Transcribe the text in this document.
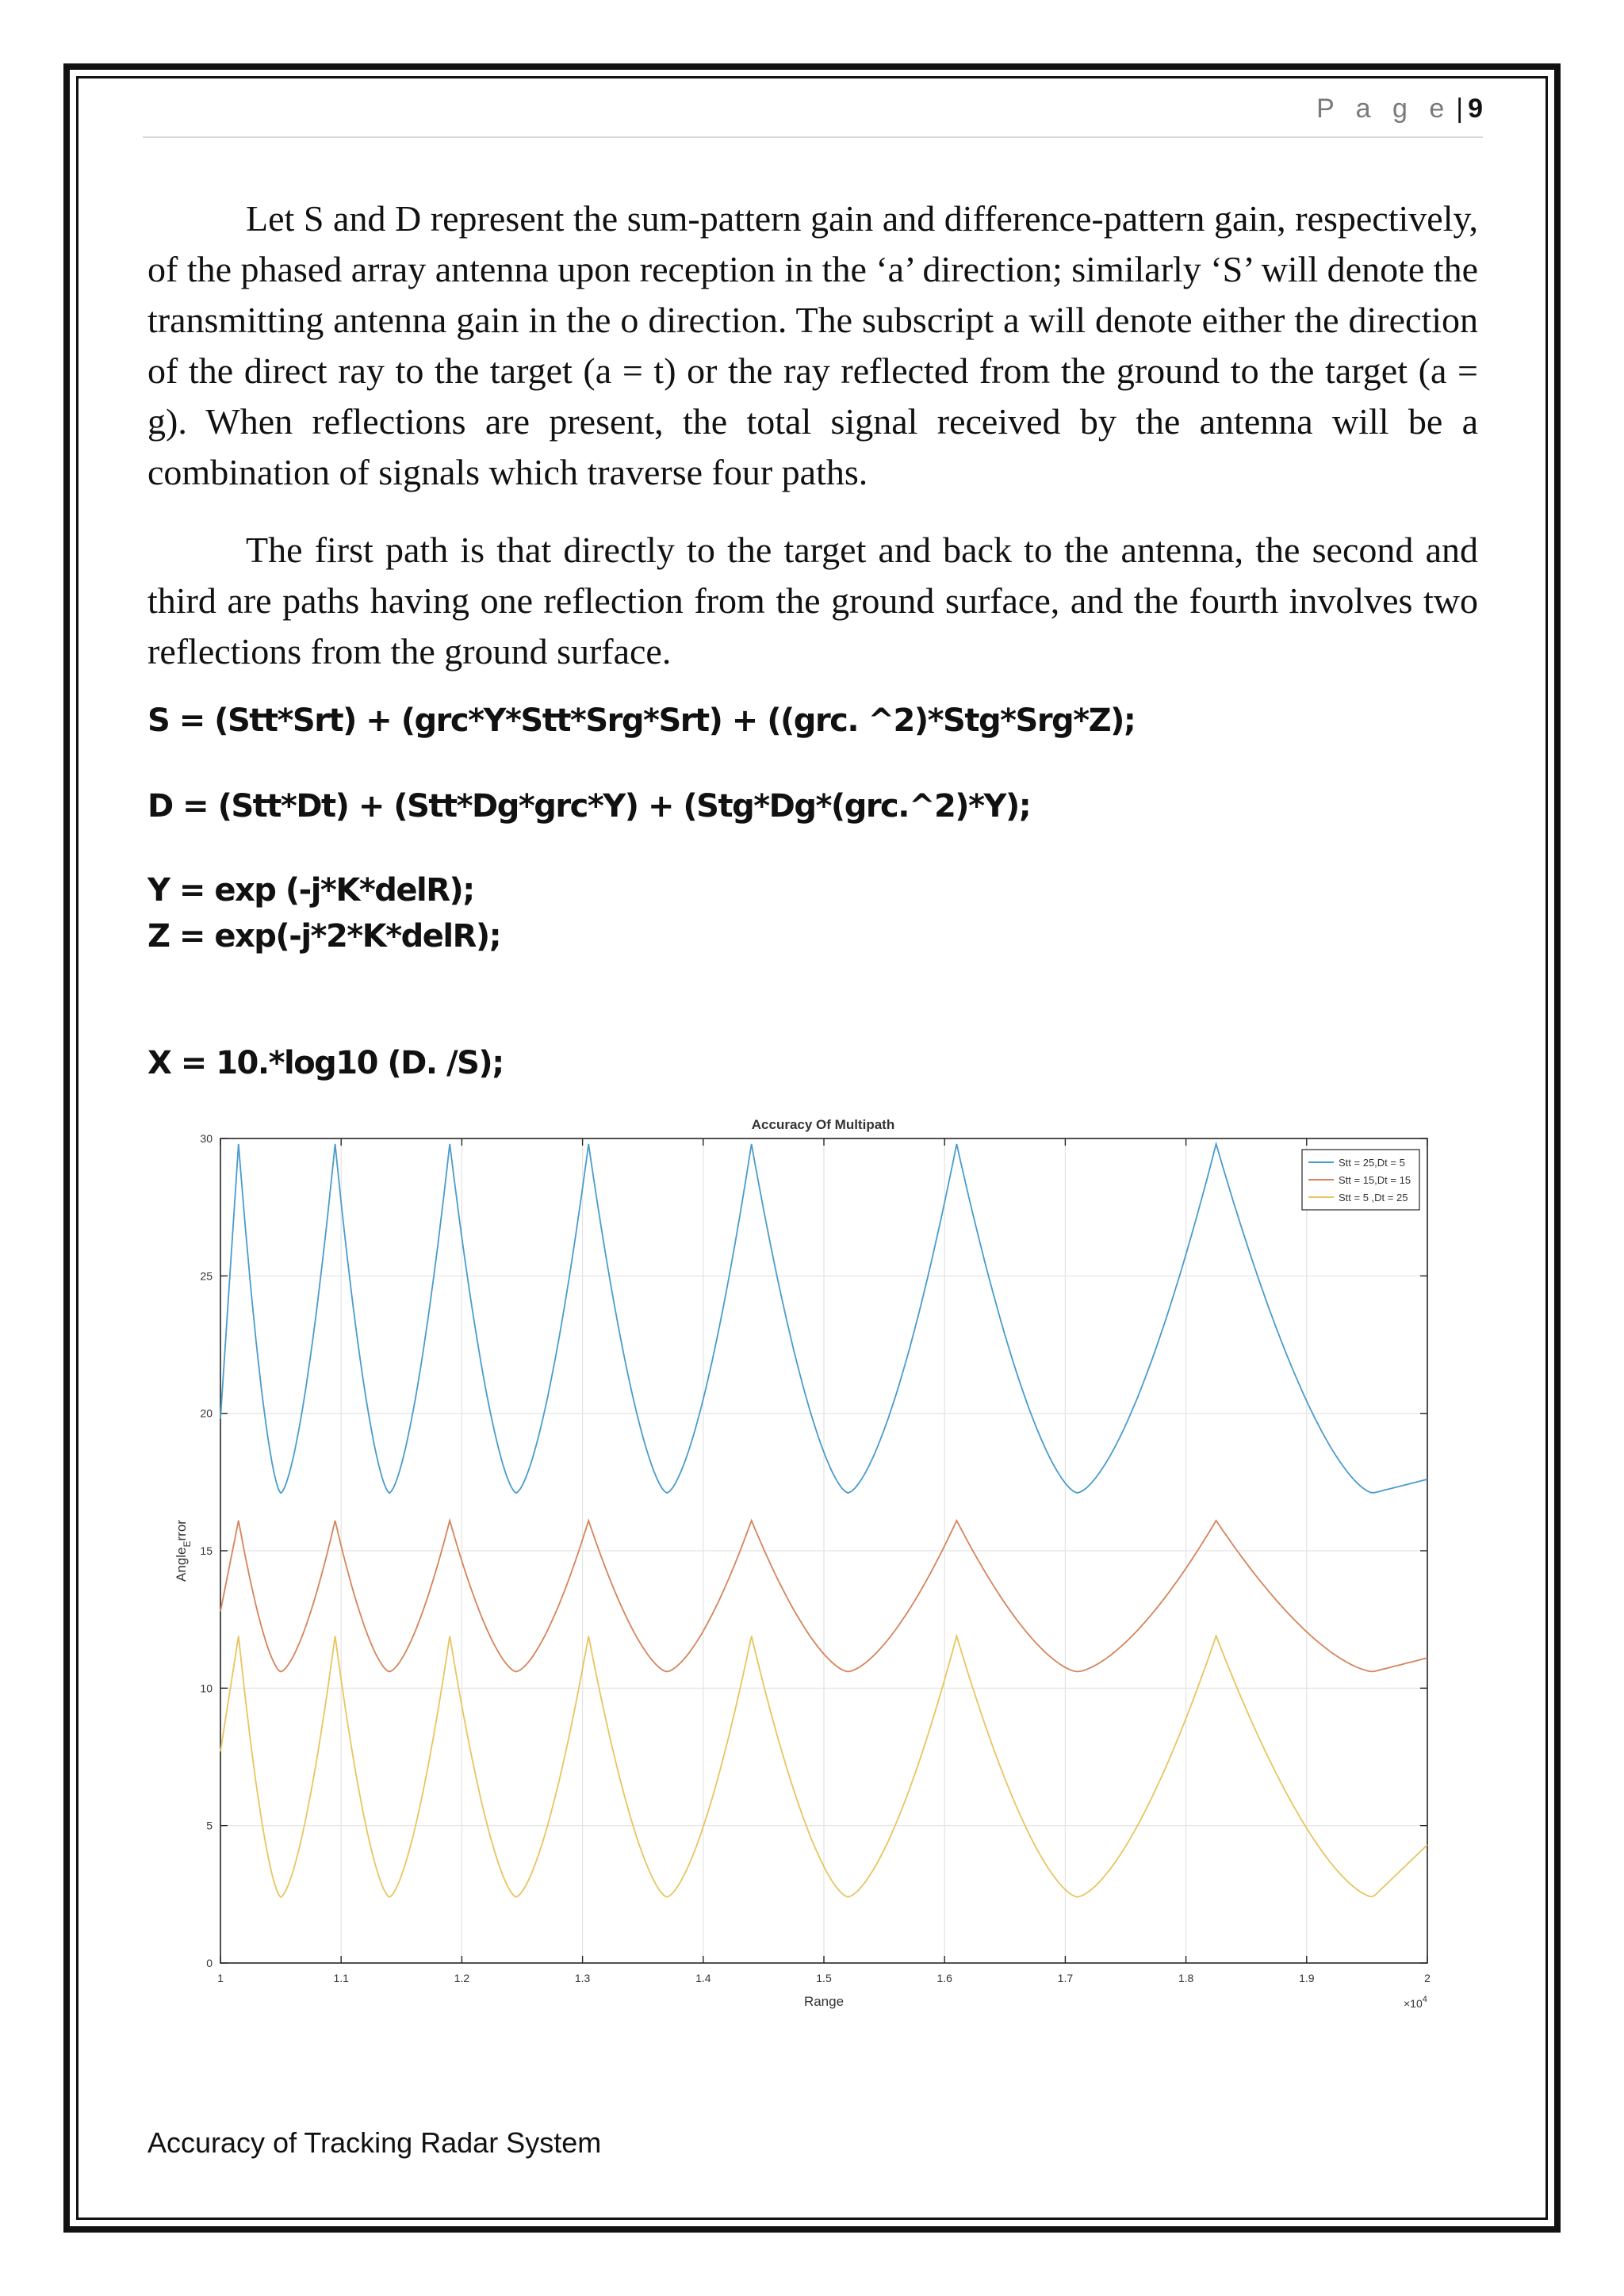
P a g e | 9

Let S and D represent the sum-pattern gain and difference-pattern gain, respectively, of the phased array antenna upon reception in the ‘a’ direction; similarly ‘S’ will denote the transmitting antenna gain in the o direction. The subscript a will denote either the direction of the direct ray to the target (a = t) or the ray reflected from the ground to the target (a = g). When reflections are present, the total signal received by the antenna will be a combination of signals which traverse four paths.

The first path is that directly to the target and back to the antenna, the second and third are paths having one reflection from the ground surface, and the fourth involves two reflections from the ground surface.

S = (Stt*Srt) + (grc*Y*Stt*Srg*Srt) + ((grc. ^2)*Stg*Srg*Z);

D = (Stt*Dt) + (Stt*Dg*grc*Y) + (Stg*Dg*(grc.^2)*Y);

Y = exp (-j*K*delR);

Z = exp(-j*2*K*delR);

X = 10.*log10 (D. /S);

Accuracy Of Multipath
1	1.1	1.2	1.3	1.4	1.5	1.6	1.7	1.8	1.9	2
0
5
10
15
20
25
30
Range	$\times 10^4$
Angle$_E$rror
Stt = 25,Dt = 5
Stt = 15,Dt = 15
Stt = 5 ,Dt = 25
Accuracy of Tracking Radar System
